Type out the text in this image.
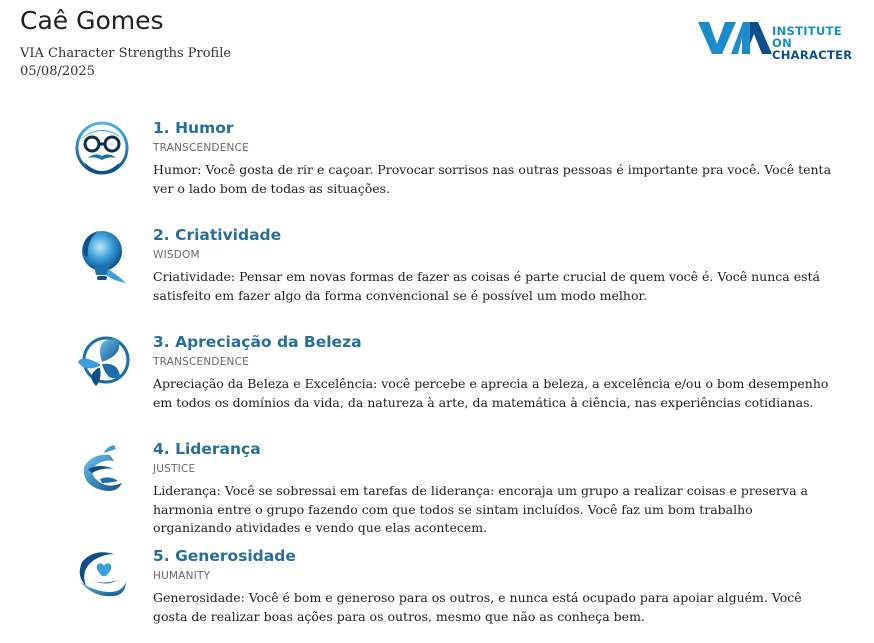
Caê Gomes
VIA Character Strengths Profile
05/08/2025
INSTITUTE ON
CHARACTER
1. Humor
TRANSCENDENCE
Humor: Você gosta de rir e caçoar. Provocar sorrisos nas outras pessoas é importante pra você. Você tenta ver o lado bom de todas as situações.
2. Criatividade
WISDOM
Criatividade: Pensar em novas formas de fazer as coisas é parte crucial de quem você é. Você nunca está satisfeito em fazer algo da forma convencional se é possível um modo melhor.
3. Apreciação da Beleza
TRANSCENDENCE
Apreciação da Beleza e Excelência: você percebe e aprecia a beleza, a excelência e/ou o bom desempenho em todos os domínios da vida, da natureza à arte, da matemática à ciência, nas experiências cotidianas.
4. Liderança
JUSTICE
Liderança: Você se sobressai em tarefas de liderança: encoraja um grupo a realizar coisas e preserva a harmonia entre o grupo fazendo com que todos se sintam incluídos. Você faz um bom trabalho organizando atividades e vendo que elas acontecem.
5. Generosidade
HUMANITY
Generosidade: Você é bom e generoso para os outros, e nunca está ocupado para apoiar alguém. Você gosta de realizar boas ações para os outros, mesmo que não as conheça bem.
